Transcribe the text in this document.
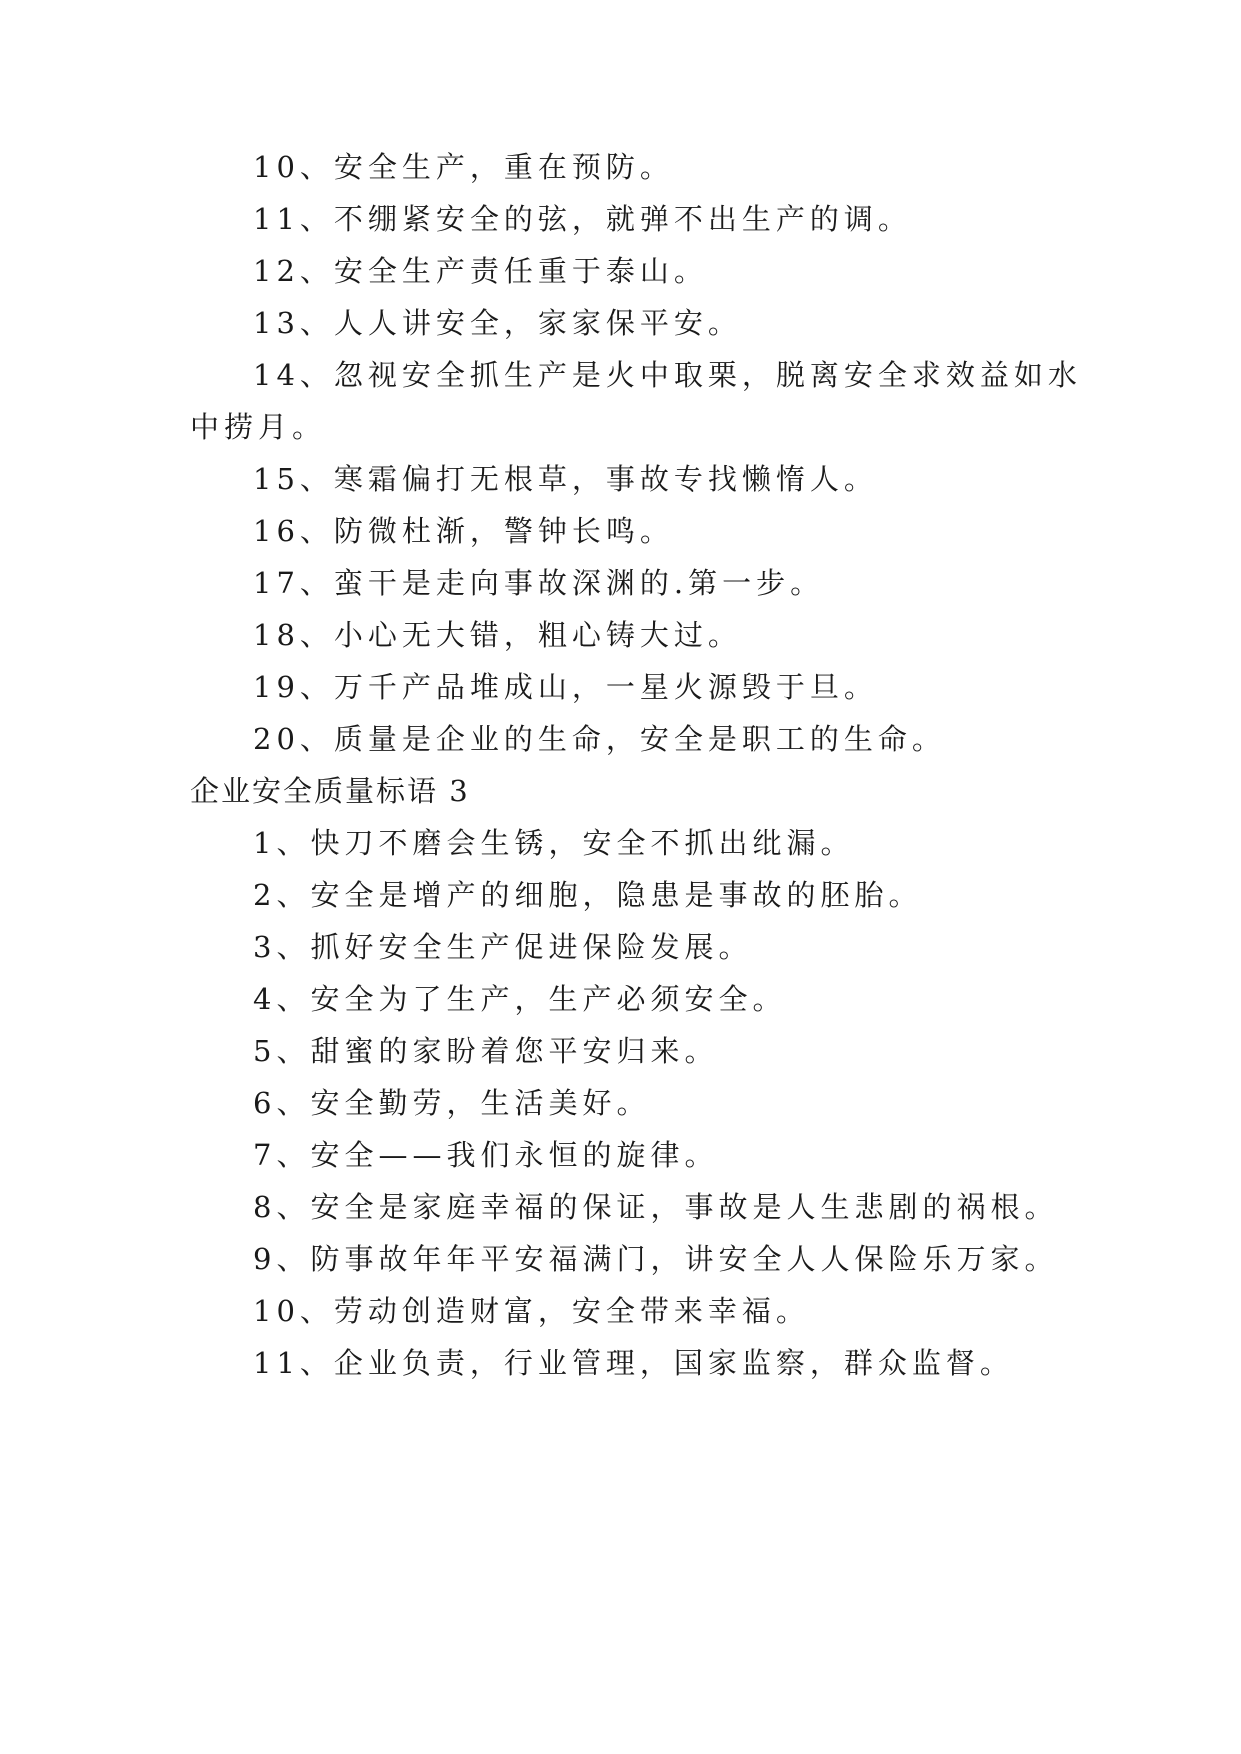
10、安全生产，重在预防。
11、不绷紧安全的弦，就弹不出生产的调。
12、安全生产责任重于泰山。
13、人人讲安全，家家保平安。
14、忽视安全抓生产是火中取栗，脱离安全求效益如水
中捞月。
15、寒霜偏打无根草，事故专找懒惰人。
16、防微杜渐，警钟长鸣。
17、蛮干是走向事故深渊的.第一步。
18、小心无大错，粗心铸大过。
19、万千产品堆成山，一星火源毁于旦。
20、质量是企业的生命，安全是职工的生命。
企业安全质量标语 3
1、快刀不磨会生锈，安全不抓出纰漏。
2、安全是增产的细胞，隐患是事故的胚胎。
3、抓好安全生产促进保险发展。
4、安全为了生产，生产必须安全。
5、甜蜜的家盼着您平安归来。
6、安全勤劳，生活美好。
7、安全——我们永恒的旋律。
8、安全是家庭幸福的保证，事故是人生悲剧的祸根。
9、防事故年年平安福满门，讲安全人人保险乐万家。
10、劳动创造财富，安全带来幸福。
11、企业负责，行业管理，国家监察，群众监督。
